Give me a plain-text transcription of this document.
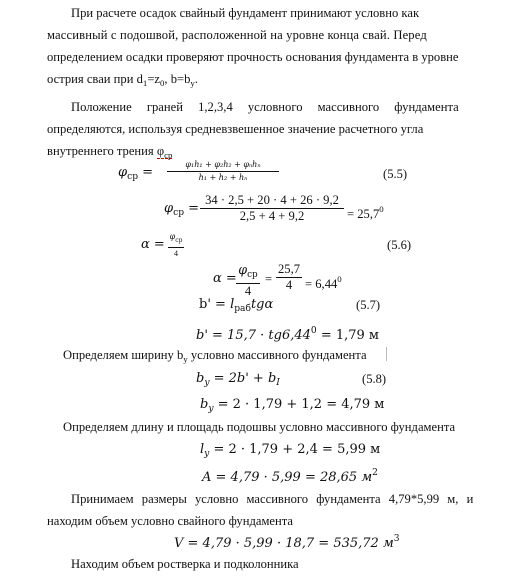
При расчете осадок свайный фундамент принимают условно как
массивный с подошвой, расположенной на уровне конца свай. Перед
определением осадки проверяют прочность основания фундамента в уровне
острия сваи при $d_1=z_0$, $b=b_y$.
Положение граней 1,2,3,4 условного массивного фундамента
определяются, используя средневзвешенное значение расчетного угла
внутреннего трения $\varphi_{ср}$
$\varphi_{ср}$ =
φ₁h₁ + φ₂h₂ + φₙhₙ
h₁ + h₂ + hₙ	(5.5)
$\varphi_{ср}$ =
34 · 2,5 + 20 · 4 + 26 · 9,2
2,5 + 4 + 9,2	= $25,7^0$
α =
$\varphi_{ср}$
4
(5.6)
α =
$\varphi_{ср}$
4
=
25,7
$4 = 6,44^0$
$b' = l_{раб}tg\alpha$	(5.7)
$b' = 15,7 \cdot tg6,44^0 = 1,79$ м
Определяем ширину $b_у$ условно массивного фундамента
$b_y = 2b' + b_I$	(5.8)
$b_y = 2 \cdot 1,79 + 1,2 = 4,79$ м
Определяем длину и площадь подошвы условно массивного фундамента
$l_y = 2 \cdot 1,79 + 2,4 = 5,99$ м
A = 4,79 · 5,99 = 28,65 $м^2$
Принимаем размеры условно массивного фундамента 4,79*5,99 м, и
находим объем условно свайного фундамента
V = 4,79 · 5,99 · 18,7 = 535,72 $м^3$
Находим объем ростверка и подколонника
